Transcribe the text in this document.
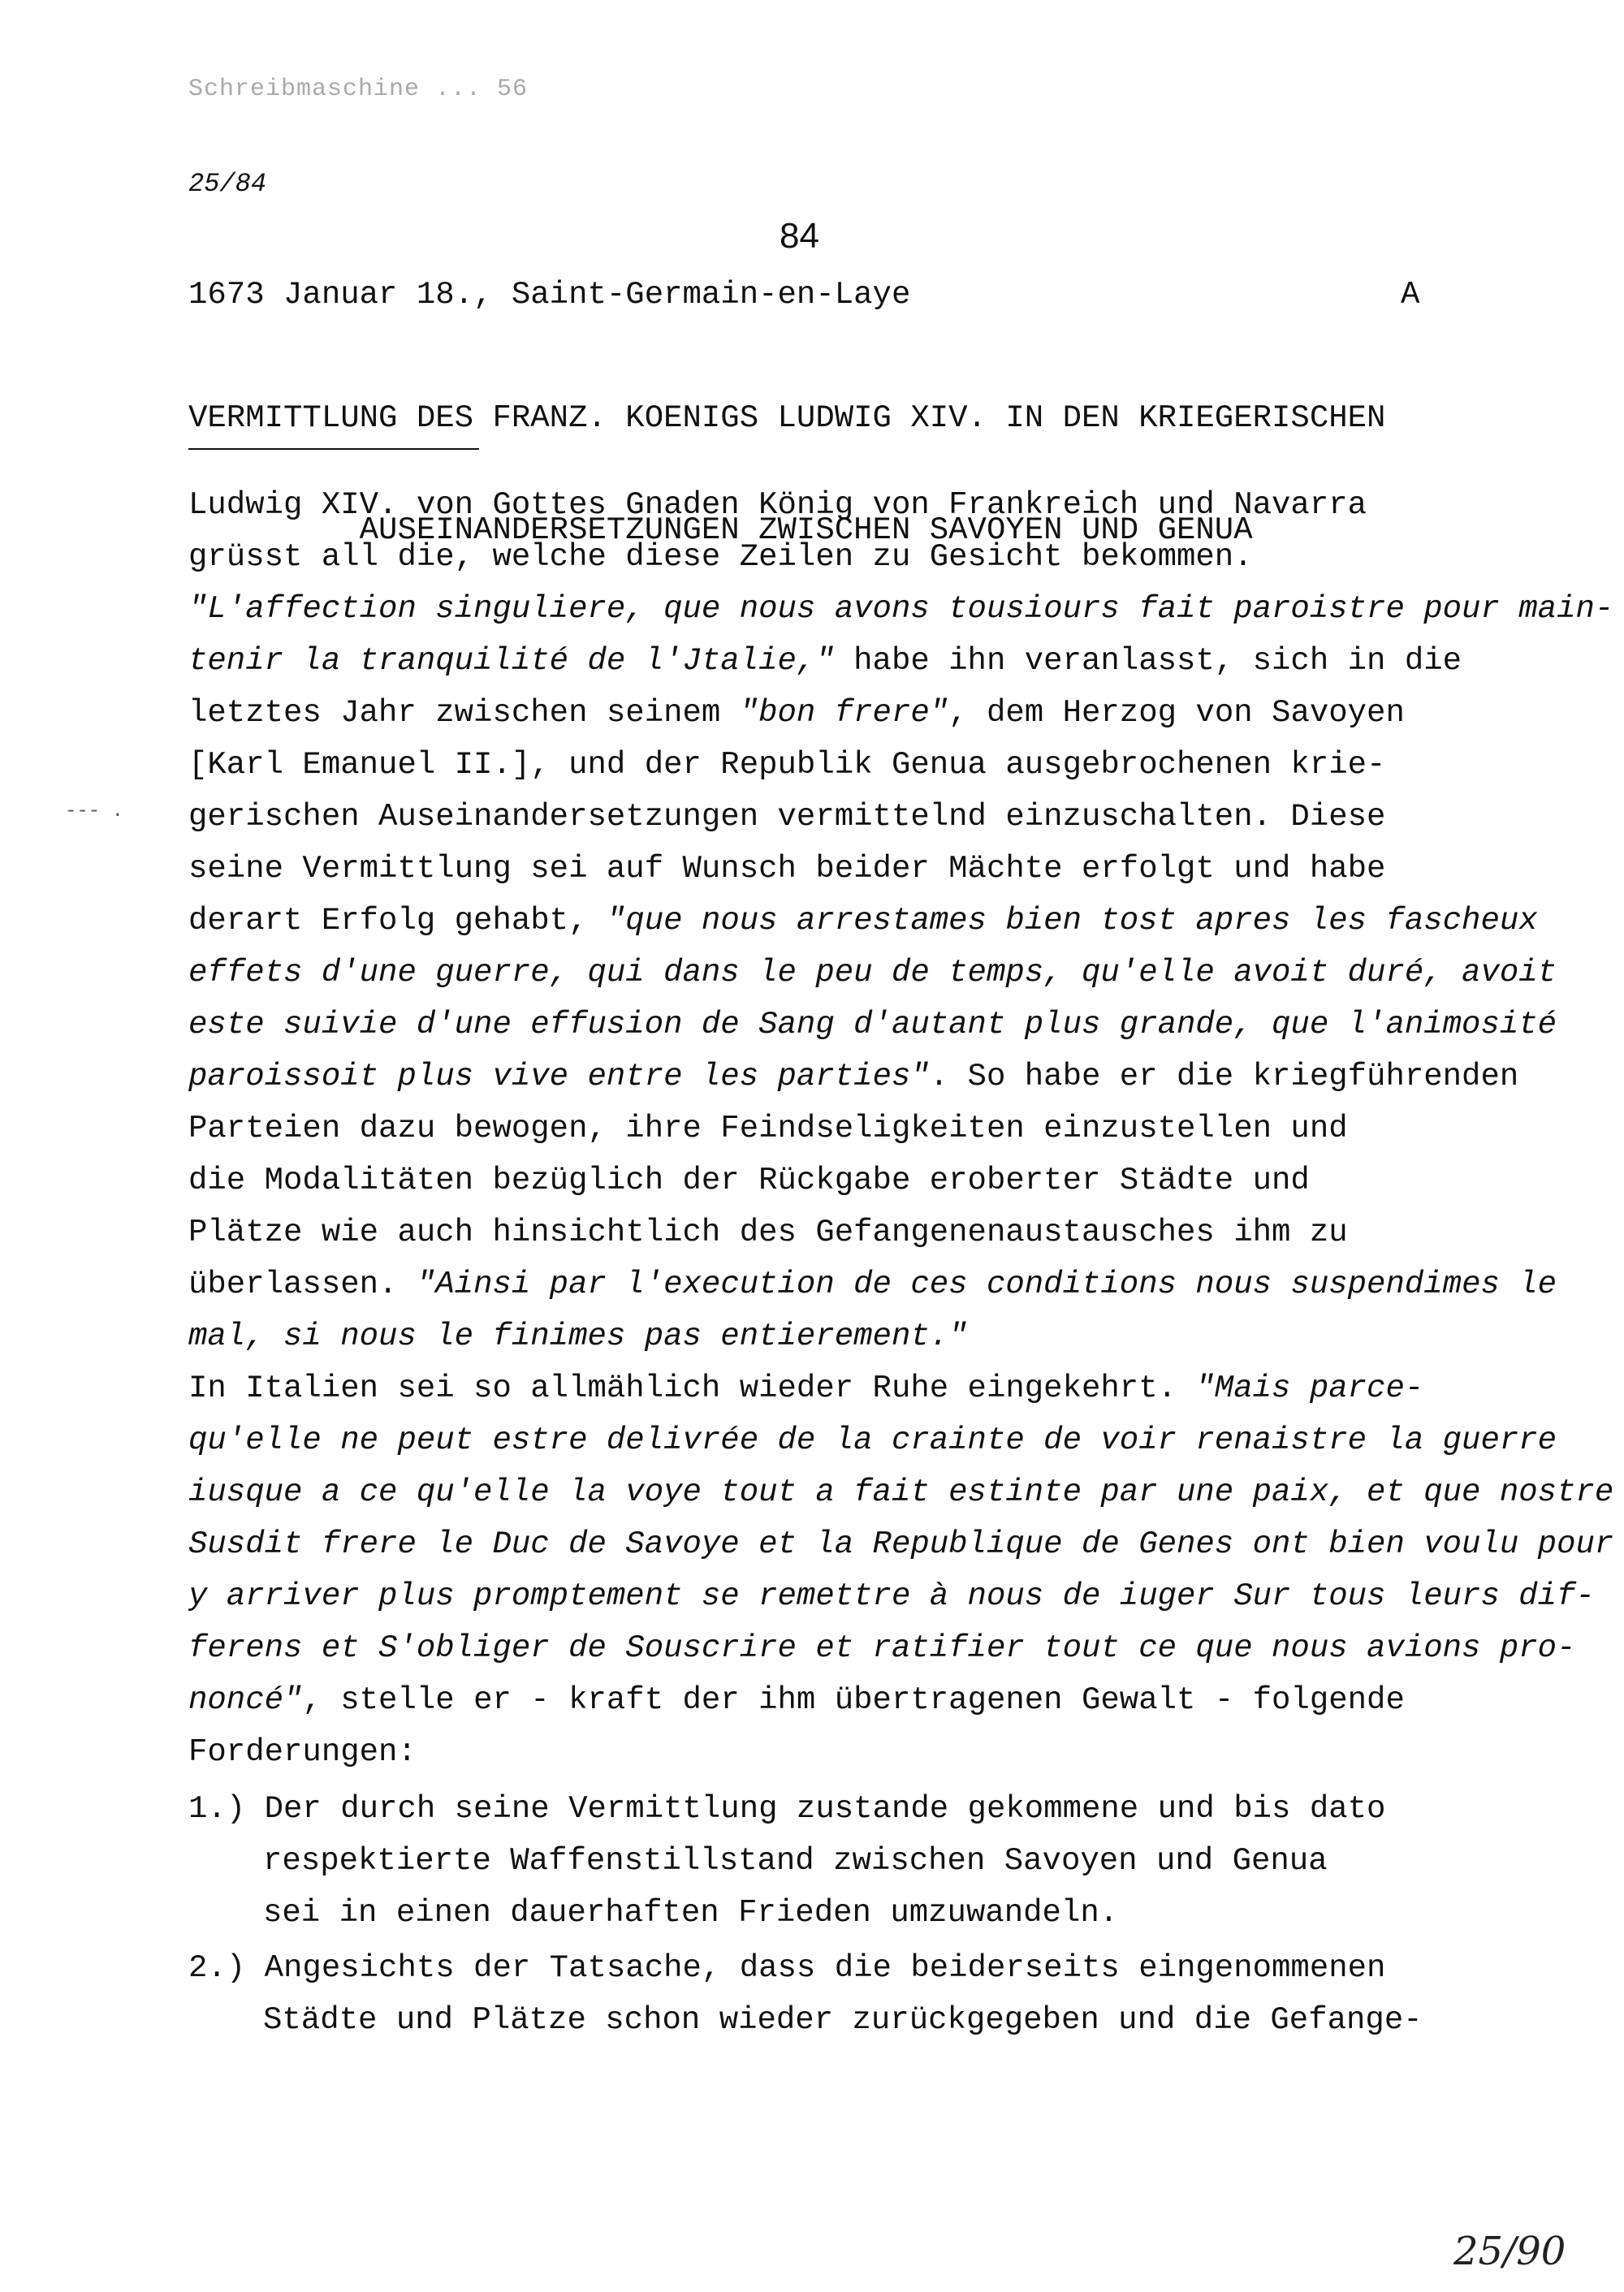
Schreibmaschine ... 56
25/84
84
1673 Januar 18., Saint-Germain-en-Laye	A

VERMITTLUNG DES FRANZ. KOENIGS LUDWIG XIV. IN DEN KRIEGERISCHEN

AUSEINANDERSETZUNGEN ZWISCHEN SAVOYEN UND GENUA

--- .
Ludwig XIV. von Gottes Gnaden König von Frankreich und Navarra
grüsst all die, welche diese Zeilen zu Gesicht bekommen.
"L'affection singuliere, que nous avons tousiours fait paroistre pour main-
tenir la tranquilité de l'Jtalie," habe ihn veranlasst, sich in die
letztes Jahr zwischen seinem "bon frere", dem Herzog von Savoyen
[Karl Emanuel II.], und der Republik Genua ausgebrochenen krie-
gerischen Auseinandersetzungen vermittelnd einzuschalten. Diese
seine Vermittlung sei auf Wunsch beider Mächte erfolgt und habe
derart Erfolg gehabt, "que nous arrestames bien tost apres les fascheux
effets d'une guerre, qui dans le peu de temps, qu'elle avoit duré, avoit
este suivie d'une effusion de Sang d'autant plus grande, que l'animosité
paroissoit plus vive entre les parties". So habe er die kriegführenden
Parteien dazu bewogen, ihre Feindseligkeiten einzustellen und
die Modalitäten bezüglich der Rückgabe eroberter Städte und
Plätze wie auch hinsichtlich des Gefangenenaustausches ihm zu
überlassen. "Ainsi par l'execution de ces conditions nous suspendimes le
mal, si nous le finimes pas entierement."
In Italien sei so allmählich wieder Ruhe eingekehrt. "Mais parce-
qu'elle ne peut estre delivrée de la crainte de voir renaistre la guerre
iusque a ce qu'elle la voye tout a fait estinte par une paix, et que nostre
Susdit frere le Duc de Savoye et la Republique de Genes ont bien voulu pour
y arriver plus promptement se remettre à nous de iuger Sur tous leurs dif-
ferens et S'obliger de Souscrire et ratifier tout ce que nous avions pro-
noncé", stelle er - kraft der ihm übertragenen Gewalt - folgende
Forderungen:
1.) Der durch seine Vermittlung zustande gekommene und bis dato
respektierte Waffenstillstand zwischen Savoyen und Genua
sei in einen dauerhaften Frieden umzuwandeln.
2.) Angesichts der Tatsache, dass die beiderseits eingenommenen
Städte und Plätze schon wieder zurückgegeben und die Gefange-
25/90
